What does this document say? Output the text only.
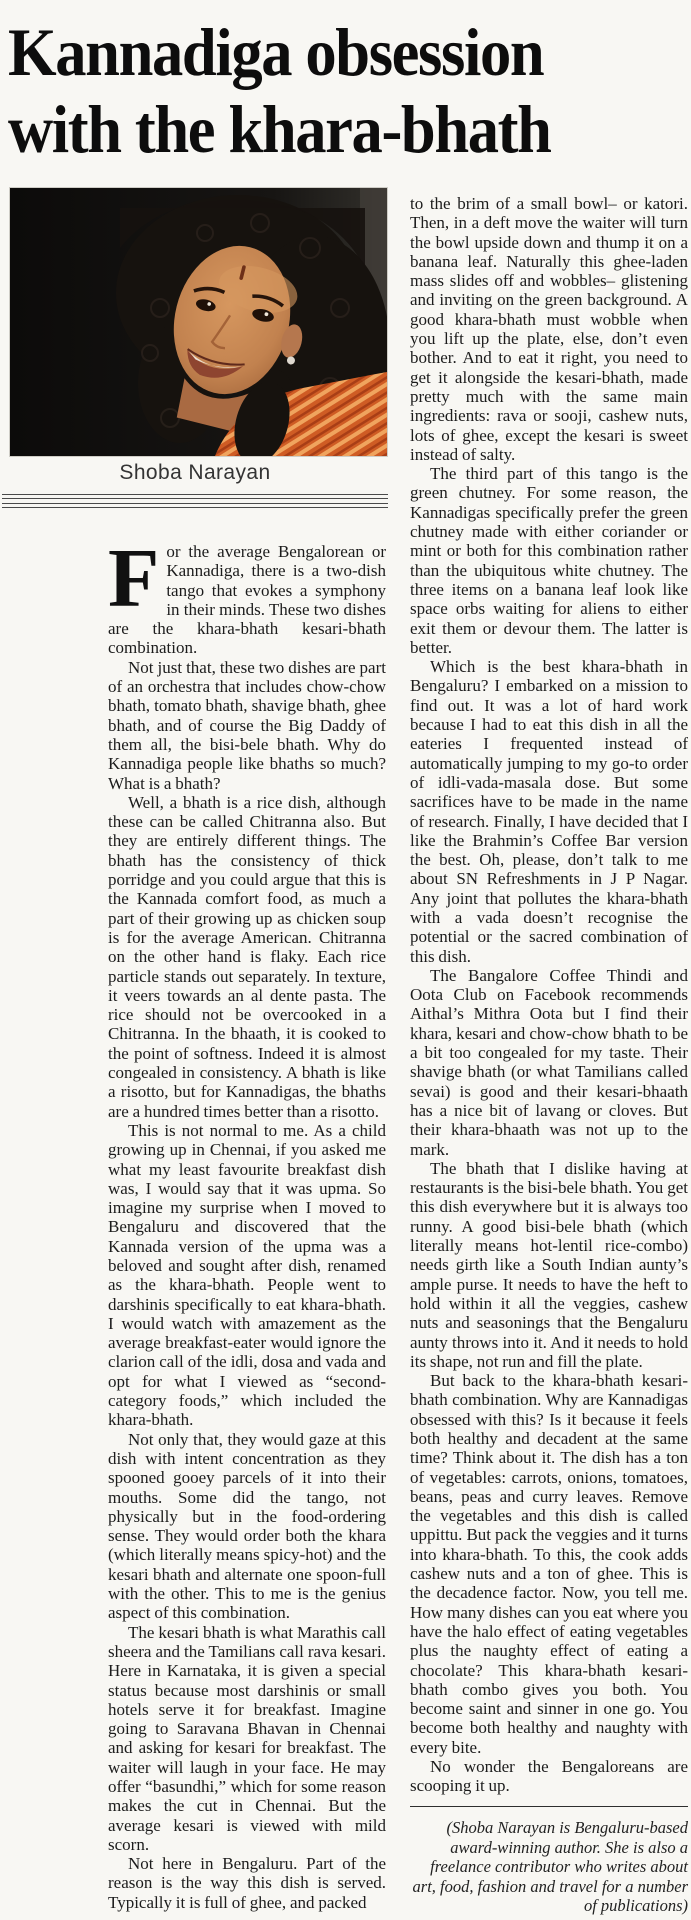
Kannadiga obsession
with the khara-bhath
Shoba Narayan

For the average Bengalorean or Kannadiga, there is a two-dish tango that evokes a symphony in their minds. These two dishes are the khara-bhath kesari-bhath combination.

Not just that, these two dishes are part of an orchestra that includes chow-chow bhath, tomato bhath, shavige bhath, ghee bhath, and of course the Big Daddy of them all, the bisi-bele bhath. Why do Kannadiga people like bhaths so much? What is a bhath?

Well, a bhath is a rice dish, although these can be called Chitranna also. But they are entirely different things. The bhath has the consistency of thick porridge and you could argue that this is the Kannada comfort food, as much a part of their growing up as chicken soup is for the average American. Chitranna on the other hand is flaky. Each rice particle stands out separately. In texture, it veers towards an al dente pasta. The rice should not be overcooked in a Chitranna. In the bhaath, it is cooked to the point of softness. Indeed it is almost congealed in consistency. A bhath is like a risotto, but for Kannadigas, the bhaths are a hundred times better than a risotto.

This is not normal to me. As a child growing up in Chennai, if you asked me what my least favourite breakfast dish was, I would say that it was upma. So imagine my surprise when I moved to Bengaluru and discovered that the Kannada version of the upma was a beloved and sought after dish, renamed as the khara-bhath. People went to darshinis specifically to eat khara-bhath. I would watch with amazement as the average breakfast-eater would ignore the clarion call of the idli, dosa and vada and opt for what I viewed as “second-category foods,” which included the khara-bhath.

Not only that, they would gaze at this dish with intent concentration as they spooned gooey parcels of it into their mouths. Some did the tango, not physically but in the food-ordering sense. They would order both the khara (which literally means spicy-hot) and the kesari bhath and alternate one spoon-full with the other. This to me is the genius aspect of this combination.

The kesari bhath is what Marathis call sheera and the Tamilians call rava kesari. Here in Karnataka, it is given a special status because most darshinis or small hotels serve it for breakfast. Imagine going to Saravana Bhavan in Chennai and asking for kesari for breakfast. The waiter will laugh in your face. He may offer “basundhi,” which for some reason makes the cut in Chennai. But the average kesari is viewed with mild scorn.

Not here in Bengaluru. Part of the reason is the way this dish is served. Typically it is full of ghee, and packed

to the brim of a small bowl– or katori. Then, in a deft move the waiter will turn the bowl upside down and thump it on a banana leaf. Naturally this ghee-laden mass slides off and wobbles– glistening and inviting on the green background. A good khara-bhath must wobble when you lift up the plate, else, don’t even bother. And to eat it right, you need to get it alongside the kesari-bhath, made pretty much with the same main ingredients: rava or sooji, cashew nuts, lots of ghee, except the kesari is sweet instead of salty.

The third part of this tango is the green chutney. For some reason, the Kannadigas specifically prefer the green chutney made with either coriander or mint or both for this combination rather than the ubiquitous white chutney. The three items on a banana leaf look like space orbs waiting for aliens to either exit them or devour them. The latter is better.

Which is the best khara-bhath in Bengaluru? I embarked on a mission to find out. It was a lot of hard work because I had to eat this dish in all the eateries I frequented instead of automatically jumping to my go-to order of idli-vada-masala dose. But some sacrifices have to be made in the name of research. Finally, I have decided that I like the Brahmin’s Coffee Bar version the best. Oh, please, don’t talk to me about SN Refreshments in J P Nagar. Any joint that pollutes the khara-bhath with a vada doesn’t recognise the potential or the sacred combination of this dish.

The Bangalore Coffee Thindi and Oota Club on Facebook recommends Aithal’s Mithra Oota but I find their khara, kesari and chow-chow bhath to be a bit too congealed for my taste. Their shavige bhath (or what Tamilians called sevai) is good and their kesari-bhaath has a nice bit of lavang or cloves. But their khara-bhaath was not up to the mark.

The bhath that I dislike having at restaurants is the bisi-bele bhath. You get this dish everywhere but it is always too runny. A good bisi-bele bhath (which literally means hot-lentil rice-combo) needs girth like a South Indian aunty’s ample purse. It needs to have the heft to hold within it all the veggies, cashew nuts and seasonings that the Bengaluru aunty throws into it. And it needs to hold its shape, not run and fill the plate.

But back to the khara-bhath kesari-bhath combination. Why are Kannadigas obsessed with this? Is it because it feels both healthy and decadent at the same time? Think about it. The dish has a ton of vegetables: carrots, onions, tomatoes, beans, peas and curry leaves. Remove the vegetables and this dish is called uppittu. But pack the veggies and it turns into khara-bhath. To this, the cook adds cashew nuts and a ton of ghee. This is the decadence factor. Now, you tell me. How many dishes can you eat where you have the halo effect of eating vegetables plus the naughty effect of eating a chocolate? This khara-bhath kesari-bhath combo gives you both. You become saint and sinner in one go. You become both healthy and naughty with every bite.

No wonder the Bengaloreans are scooping it up.

(Shoba Narayan is Bengaluru-based award-winning author. She is also a freelance contributor who writes about art, food, fashion and travel for a number of publications)
